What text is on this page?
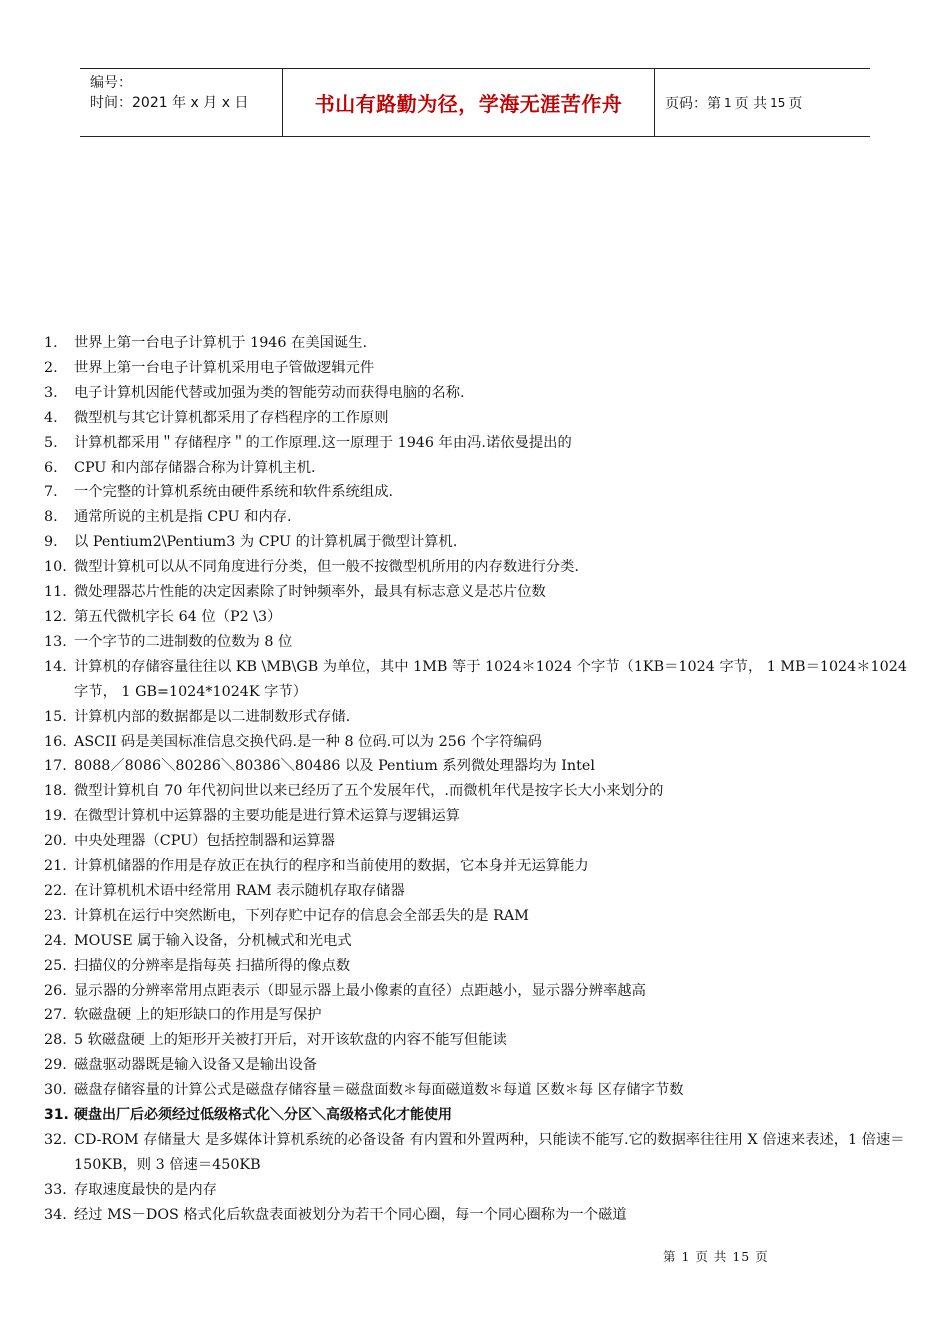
编号：
时间：2021 年 x 月 x 日	书山有路勤为径，学海无涯苦作舟	页码：第 1 页 共 15 页
1.	世界上第一台电子计算机于 1946 在美国诞生.
2.	世界上第一台电子计算机采用电子管做逻辑元件
3.	电子计算机因能代替或加强为类的智能劳动而获得电脑的名称.
4.	微型机与其它计算机都采用了存档程序的工作原则
5.	计算机都采用＂存储程序＂的工作原理.这一原理于 1946 年由冯.诺依曼提出的
6.	CPU 和内部存储器合称为计算机主机.
7.	一个完整的计算机系统由硬件系统和软件系统组成.
8.	通常所说的主机是指 CPU 和内存.
9.	以 Pentium2\Pentium3 为 CPU 的计算机属于微型计算机.
10. 微型计算机可以从不同角度进行分类，但一般不按微型机所用的内存数进行分类.
11. 微处理器芯片性能的决定因素除了时钟频率外，最具有标志意义是芯片位数
12. 第五代微机字长 64 位（P2 \3）
13. 一个字节的二进制数的位数为 8 位
14. 计算机的存储容量往往以 KB \MB\GB 为单位，其中 1MB 等于 1024＊1024 个字节（1KB＝1024 字节， 1 MB＝1024＊1024 字节， 1 GB=1024*1024K 字节）
15. 计算机内部的数据都是以二进制数形式存储.
16. ASCII 码是美国标准信息交换代码.是一种 8 位码.可以为 256 个字符编码
17. 8088／8086＼80286＼80386＼80486 以及 Pentium 系列微处理器均为 Intel
18. 微型计算机自 70 年代初问世以来已经历了五个发展年代，.而微机年代是按字长大小来划分的
19. 在微型计算机中运算器的主要功能是进行算术运算与逻辑运算
20. 中央处理器（CPU）包括控制器和运算器
21. 计算机储器的作用是存放正在执行的程序和当前使用的数据，它本身并无运算能力
22. 在计算机机术语中经常用 RAM 表示随机存取存储器
23. 计算机在运行中突然断电，下列存贮中记存的信息会全部丢失的是 RAM
24. MOUSE 属于输入设备，分机械式和光电式
25. 扫描仪的分辨率是指每英 扫描所得的像点数
26. 显示器的分辨率常用点距表示（即显示器上最小像素的直径）点距越小，显示器分辨率越高
27. 软磁盘硬 上的矩形缺口的作用是写保护
28. 5 软磁盘硬 上的矩形开关被打开后，对开该软盘的内容不能写但能读
29. 磁盘驱动器既是输入设备又是输出设备
30. 磁盘存储容量的计算公式是磁盘存储容量＝磁盘面数＊每面磁道数＊每道 区数＊每 区存储字节数
31. 硬盘出厂后必须经过低级格式化＼分区＼高级格式化才能使用
32. CD-ROM 存储量大 是多媒体计算机系统的必备设备 有内置和外置两种，只能读不能写.它的数据率往往用 X 倍速来表述，1 倍速＝150KB，则 3 倍速＝450KB
33. 存取速度最快的是内存
34. 经过 MS－DOS 格式化后软盘表面被划分为若干个同心圈，每一个同心圈称为一个磁道
第 1 页 共 15 页
